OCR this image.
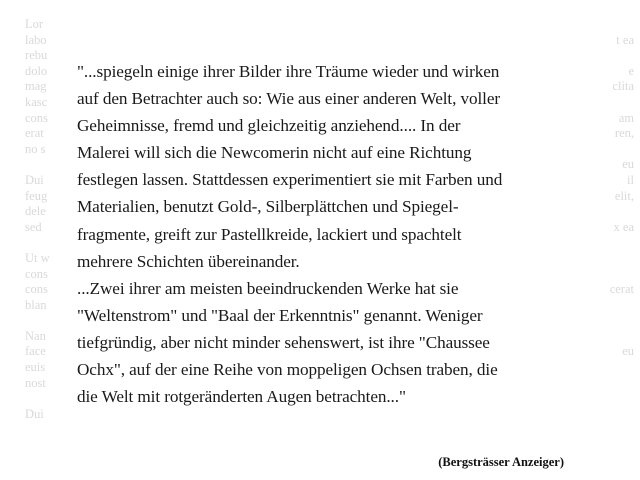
Lor
labo
rebu
dolo
mag
kasc
cons
erat
no s

Dui
feug
dele
sed

Ut w
cons
cons
blan

Nan
face
euis
nost

Dui

t ea

e
clita

am
ren,

eu
il
elit,

x ea

cerat

eu

"...spiegeln einige ihrer Bilder ihre Träume wieder und wirken
auf den Betrachter auch so: Wie aus einer anderen Welt, voller
Geheimnisse, fremd und gleichzeitig anziehend.... In der
Malerei will sich die Newcomerin nicht auf eine Richtung
festlegen lassen. Stattdessen experimentiert sie mit Farben und
Materialien, benutzt Gold-, Silberplättchen und Spiegel-
fragmente, greift zur Pastellkreide, lackiert und spachtelt
mehrere Schichten übereinander.
...Zwei ihrer am meisten beeindruckenden Werke hat sie
"Weltenstrom" und "Baal der Erkenntnis" genannt. Weniger
tiefgründig, aber nicht minder sehenswert, ist ihre "Chaussee
Ochx", auf der eine Reihe von moppeligen Ochsen traben, die
die Welt mit rotgeränderten Augen betrachten..."
(Bergsträsser Anzeiger)
